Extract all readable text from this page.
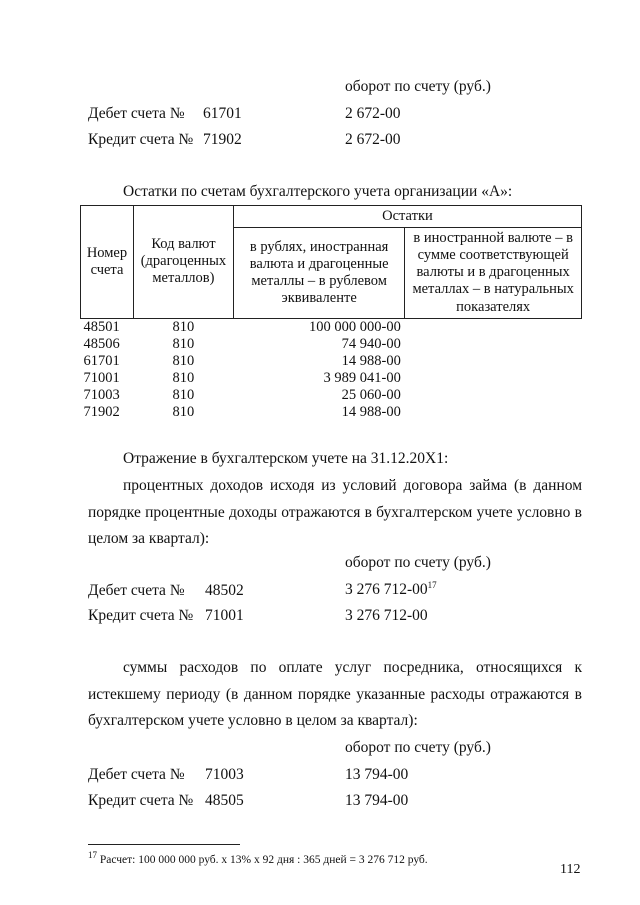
оборот по счету (руб.)
Дебет счета № 61701	2 672-00
Кредит счета № 71902	2 672-00
Остатки по счетам бухгалтерского учета организации «А»:
Номер счета	Код валют (драгоценных металлов)	Остатки	
		в рублях, иностранная валюта и драгоценные металлы – в рублевом эквиваленте	в иностранной валюте – в сумме соответствующей валюты и в драгоценных металлах – в натуральных показателях
48501	810	100 000 000-00	
48506	810	74 940-00	
61701	810	14 988-00	
71001	810	3 989 041-00	
71003	810	25 060-00	
71902	810	14 988-00	
Отражение в бухгалтерском учете на 31.12.20Х1:
процентных доходов исходя из условий договора займа (в данном
порядке процентные доходы отражаются в бухгалтерском учете условно в
целом за квартал):
оборот по счету (руб.)
Дебет счета № 48502	3 276 $712-00^{17}$
Кредит счета № 71001	3 276 712-00
суммы расходов по оплате услуг посредника, относящихся к
истекшему периоду (в данном порядке указанные расходы отражаются в
бухгалтерском учете условно в целом за квартал):
оборот по счету (руб.)
Дебет счета № 71003	13 794-00
Кредит счета № 48505	13 794-00
$^{17}$ Расчет: 100 000 000 руб. х 13% х 92 дня : 365 дней = 3 276 712 руб.
112
